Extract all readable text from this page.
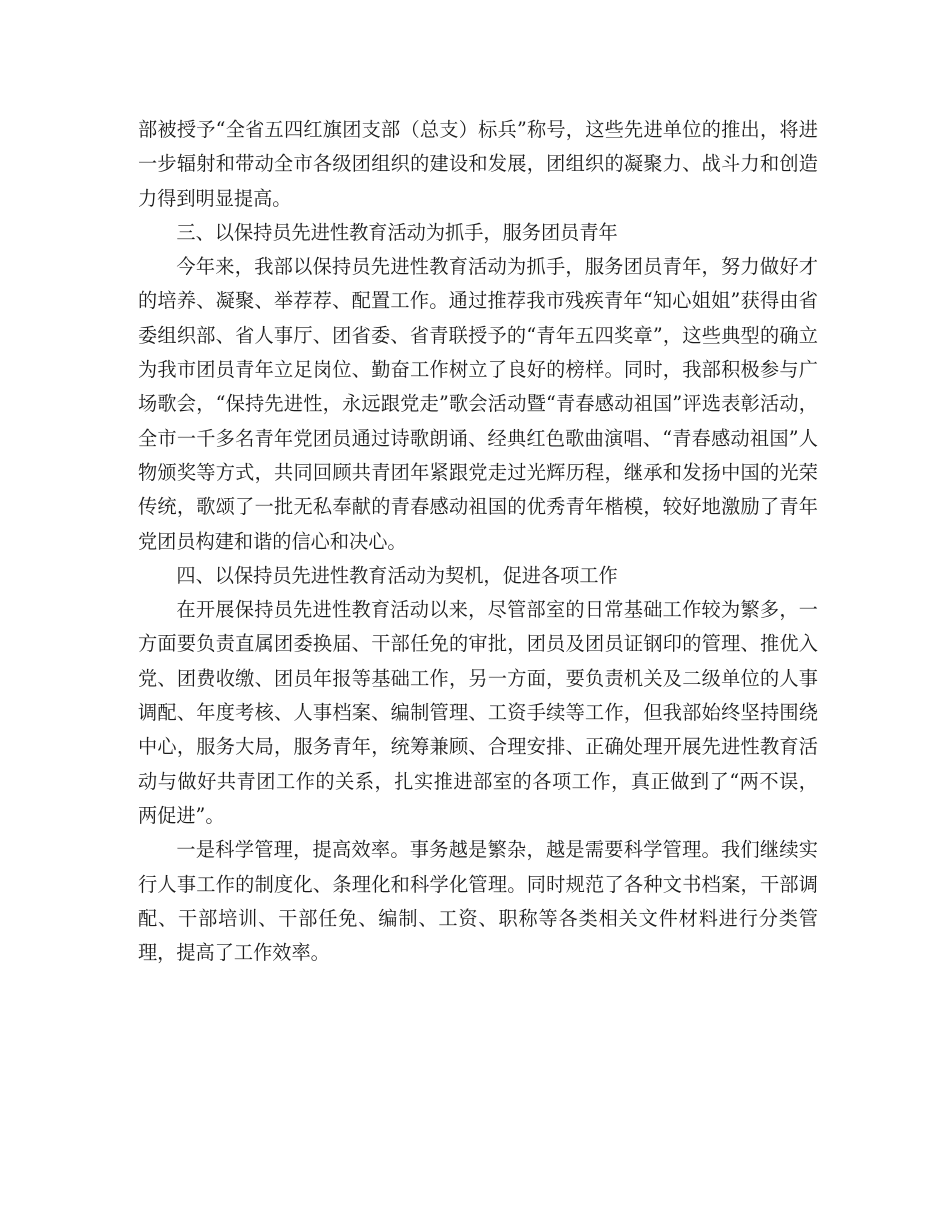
部被授予“全省五四红旗团支部（总支）标兵”称号，这些先进单位的推出，将进一步辐射和带动全市各级团组织的建设和发展，团组织的凝聚力、战斗力和创造力得到明显提高。

三、以保持员先进性教育活动为抓手，服务团员青年

今年来，我部以保持员先进性教育活动为抓手，服务团员青年，努力做好才的培养、凝聚、举荐荐、配置工作。通过推荐我市残疾青年“知心姐姐”获得由省委组织部、省人事厅、团省委、省青联授予的“青年五四奖章”，这些典型的确立为我市团员青年立足岗位、勤奋工作树立了良好的榜样。同时，我部积极参与广场歌会，“保持先进性，永远跟党走”歌会活动暨“青春感动祖国”评选表彰活动，全市一千多名青年党团员通过诗歌朗诵、经典红色歌曲演唱、“青春感动祖国”人物颁奖等方式，共同回顾共青团年紧跟党走过光辉历程，继承和发扬中国的光荣传统，歌颂了一批无私奉献的青春感动祖国的优秀青年楷模，较好地激励了青年党团员构建和谐的信心和决心。

四、以保持员先进性教育活动为契机，促进各项工作

在开展保持员先进性教育活动以来，尽管部室的日常基础工作较为繁多，一方面要负责直属团委换届、干部任免的审批，团员及团员证钢印的管理、推优入党、团费收缴、团员年报等基础工作，另一方面，要负责机关及二级单位的人事调配、年度考核、人事档案、编制管理、工资手续等工作，但我部始终坚持围绕中心，服务大局，服务青年，统筹兼顾、合理安排、正确处理开展先进性教育活动与做好共青团工作的关系，扎实推进部室的各项工作，真正做到了“两不误，两促进”。

一是科学管理，提高效率。事务越是繁杂，越是需要科学管理。我们继续实行人事工作的制度化、条理化和科学化管理。同时规范了各种文书档案，干部调配、干部培训、干部任免、编制、工资、职称等各类相关文件材料进行分类管理，提高了工作效率。
